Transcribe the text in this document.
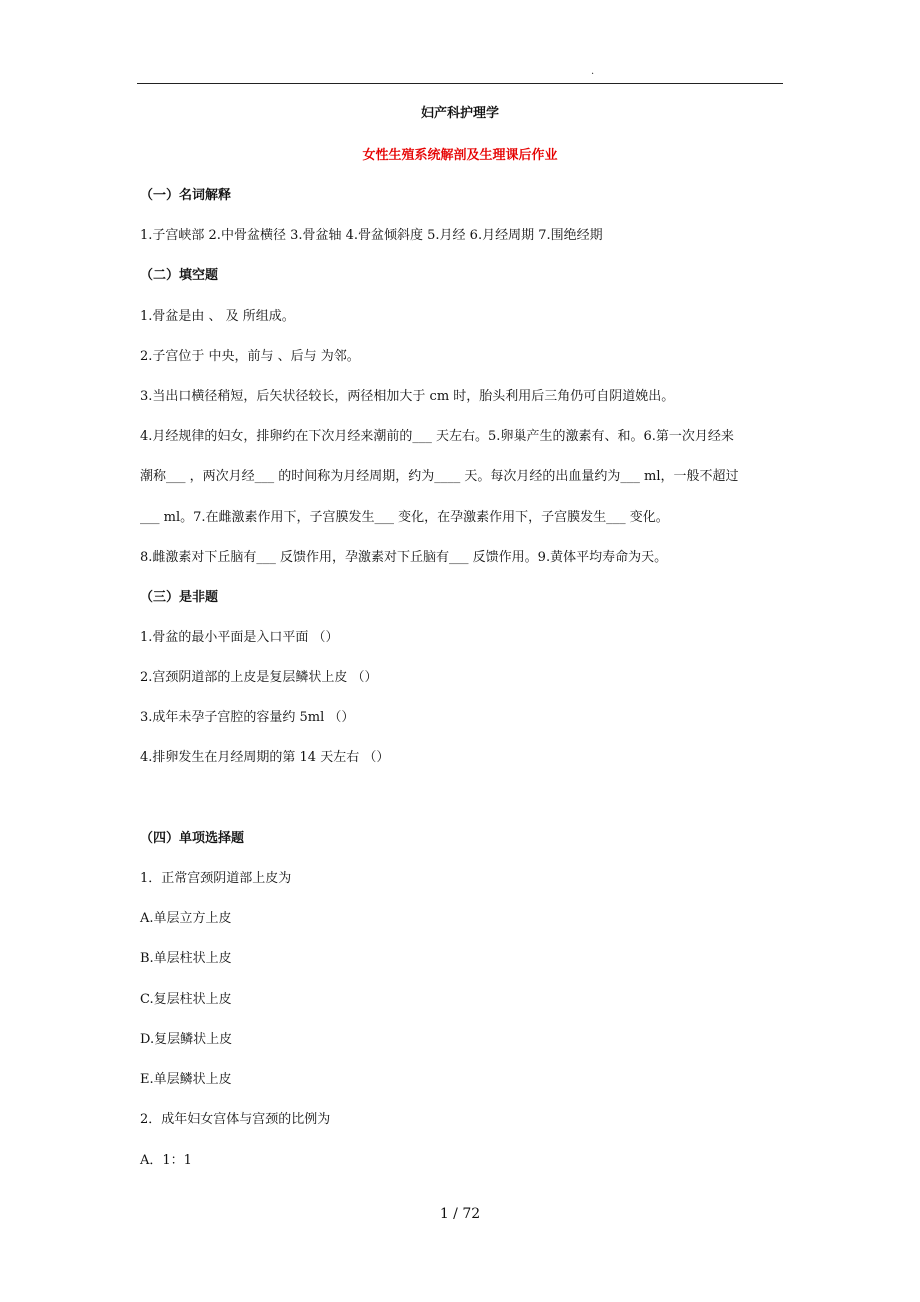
.
妇产科护理学
女性生殖系统解剖及生理课后作业
（一）名词解释
1.子宫峡部 2.中骨盆横径 3.骨盆轴 4.骨盆倾斜度 5.月经 6.月经周期 7.围绝经期
（二）填空题
1.骨盆是由 、 及 所组成。
2.子宫位于 中央，前与 、后与 为邻。
3.当出口横径稍短，后矢状径较长，两径相加大于 cm 时，胎头利用后三角仍可自阴道娩出。
4.月经规律的妇女，排卵约在下次月经来潮前的___ 天左右。5.卵巢产生的激素有、和。6.第一次月经来
潮称___ ，两次月经___ 的时间称为月经周期，约为____ 天。每次月经的出血量约为___ ml，一般不超过
___ ml。7.在雌激素作用下，子宫膜发生___ 变化，在孕激素作用下，子宫膜发生___ 变化。
8.雌激素对下丘脑有___ 反馈作用，孕激素对下丘脑有___ 反馈作用。9.黄体平均寿命为天。
（三）是非题
1.骨盆的最小平面是入口平面 （）
2.宫颈阴道部的上皮是复层鳞状上皮 （）
3.成年未孕子宫腔的容量约 5ml （）
4.排卵发生在月经周期的第 14 天左右 （）
（四）单项选择题
1．正常宫颈阴道部上皮为
A.单层立方上皮
B.单层柱状上皮
C.复层柱状上皮
D.复层鳞状上皮
E.单层鳞状上皮
2．成年妇女宫体与宫颈的比例为
A．1：1
1 / 72
